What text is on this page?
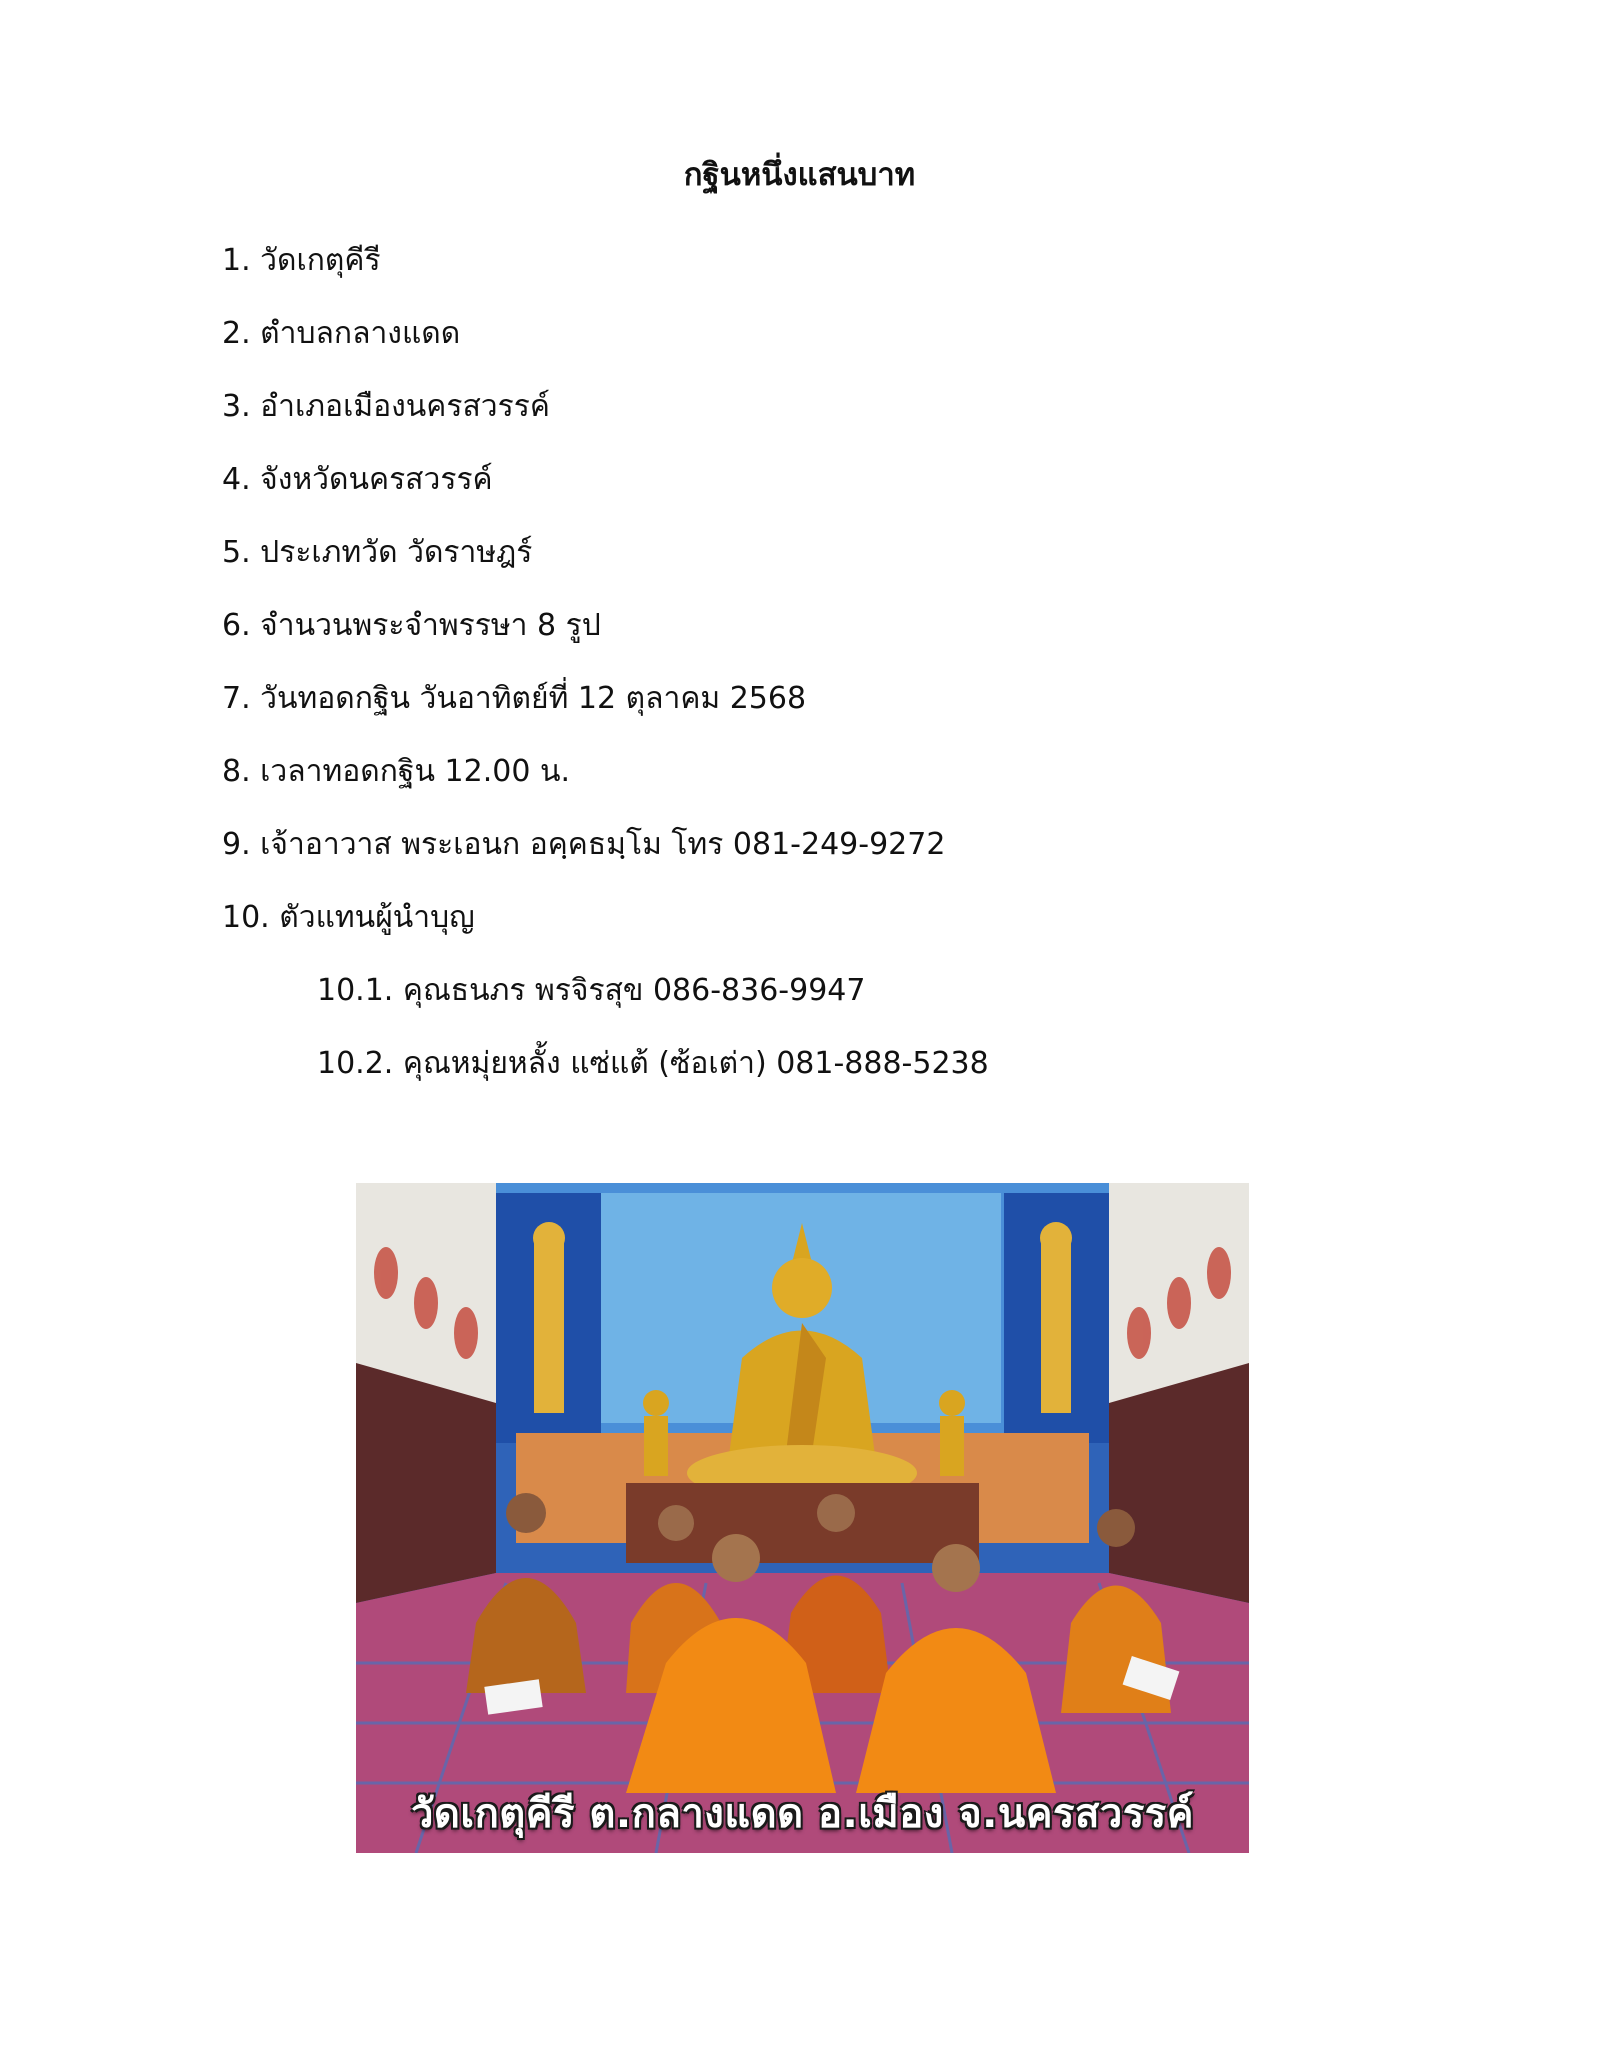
กฐินหนึ่งแสนบาท

1. วัดเกตุคีรี

2. ตำบลกลางแดด

3. อำเภอเมืองนครสวรรค์

4. จังหวัดนครสวรรค์

5. ประเภทวัด วัดราษฎร์

6. จำนวนพระจำพรรษา 8 รูป

7. วันทอดกฐิน วันอาทิตย์ที่ 12 ตุลาคม 2568

8. เวลาทอดกฐิน 12.00 น.

9. เจ้าอาวาส พระเอนก อคฺคธมฺโม โทร 081-249-9272

10. ตัวแทนผู้นำบุญ

10.1. คุณธนภร พรจิรสุข 086-836-9947

10.2. คุณหมุ่ยหลั้ง แซ่แต้ (ซ้อเต่า) 081-888-5238

วัดเกตุคีรี ต.กลางแดด อ.เมือง จ.นครสวรรค์
